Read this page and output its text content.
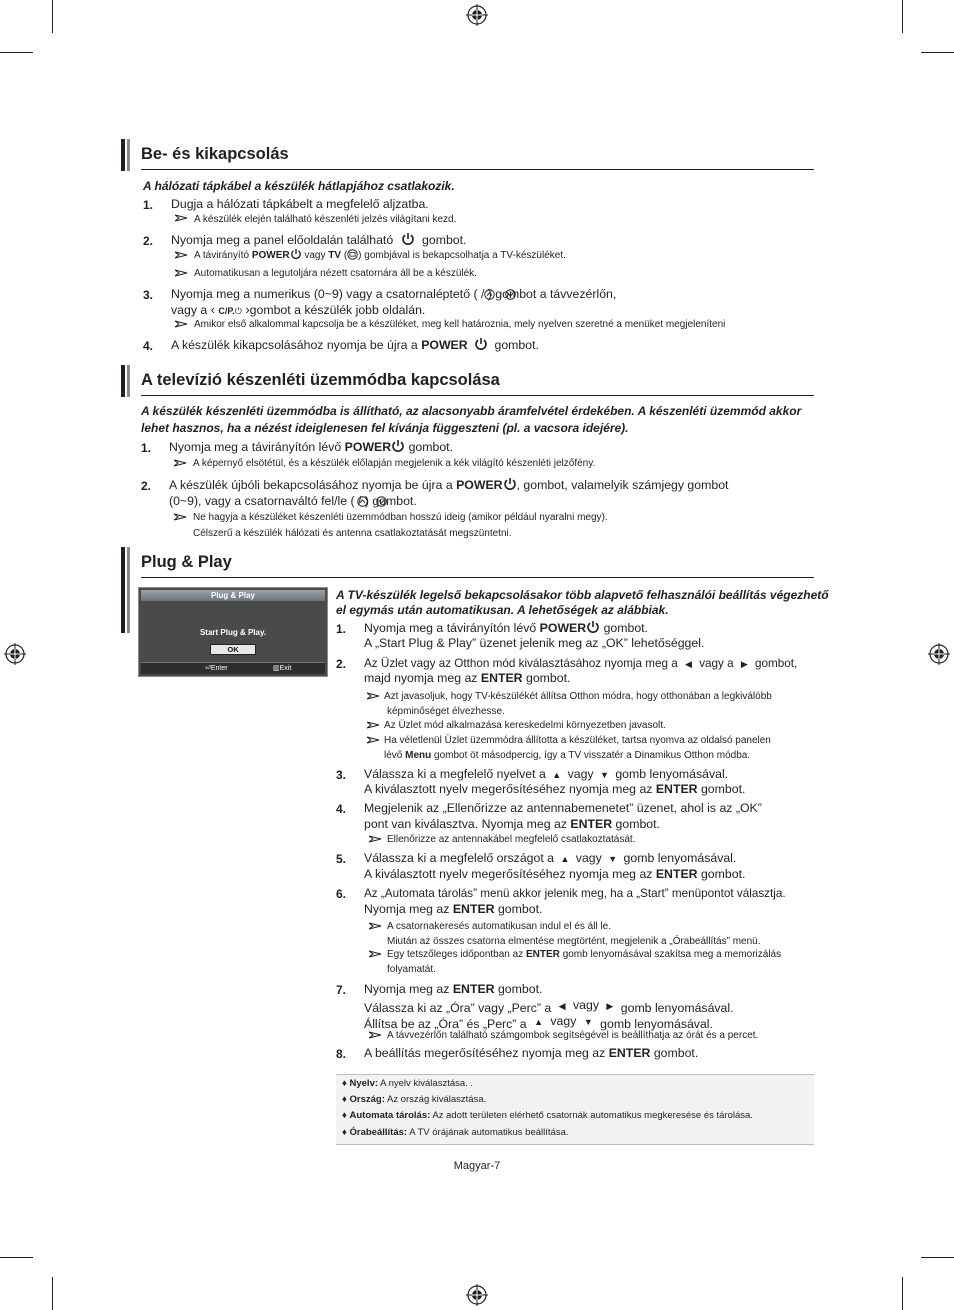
Be- és kikapcsolás
A hálózati tápkábel a készülék hátlapjához csatlakozik.
1. Dugja a hálózati tápkábelt a megfelelő aljzatba.
A készülék elején található készenléti jelzés világítani kezd.
2. Nyomja meg a panel előoldalán található gombot.
A távirányító POWER vagy TV ( ) gombjával is bekapcsolhatja a TV-készüléket.
Automatikusan a legutoljára nézett csatornára áll be a készülék.
3. Nyomja meg a numerikus (0~9) vagy a csatornaléptető ( / ) gombot a távvezérlőn,
vagy a ‹ C/P.⏻ ›gombot a készülék jobb oldalán.
Amikor első alkalommal kapcsolja be a készüléket, meg kell határoznia, mely nyelven szeretné a menüket megjeleníteni
4. A készülék kikapcsolásához nyomja be újra a POWER gombot.
A televízió készenléti üzemmódba kapcsolása
A készülék készenléti üzemmódba is állítható, az alacsonyabb áramfelvétel érdekében. A készenléti üzemmód akkor
lehet hasznos, ha a nézést ideiglenesen fel kívánja függeszteni (pl. a vacsora idejére).
1. Nyomja meg a távirányítón lévő POWER gombot.
A képernyő elsötétül, és a készülék előlapján megjelenik a kék világító készenléti jelzőfény.
2. A készülék újbóli bekapcsolásához nyomja be újra a POWER , gombot, valamelyik számjegy gombot
(0~9), vagy a csatornaváltó fel/le ( / ) gombot.
Ne hagyja a készüléket készenléti üzemmódban hosszú ideig (amikor például nyaralni megy).
Célszerű a készülék hálózati és antenna csatlakoztatását megszüntetni.
Plug & Play
Plug & Play
Start Plug & Play.
OK
⏎Enter	▥Exit
A TV-készülék legelső bekapcsolásakor több alapvető felhasználói beállítás végezhető
el egymás után automatikusan. A lehetőségek az alábbiak.
1. Nyomja meg a távirányítón lévő POWER gombot.
A „Start Plug & Play” üzenet jelenik meg az „OK” lehetőséggel.
2. Az Üzlet vagy az Otthon mód kiválasztásához nyomja meg a ◀ vagy a ▶ gombot,
majd nyomja meg az ENTER gombot.
Azt javasoljuk, hogy TV-készülékét állítsa Otthon módra, hogy otthonában a legkiválóbb
képminőséget élvezhesse.
Az Üzlet mód alkalmazása kereskedelmi környezetben javasolt.
Ha véletlenül Üzlet üzemmódra állította a készüléket, tartsa nyomva az oldalsó panelen
lévő Menu gombot öt másodpercig, így a TV visszatér a Dinamikus Otthon módba.
3. Válassza ki a megfelelő nyelvet a ▲ vagy ▼ gomb lenyomásával.
A kiválasztott nyelv megerősítéséhez nyomja meg az ENTER gombot.
4. Megjelenik az „Ellenőrizze az antennabemenetet” üzenet, ahol is az „OK”
pont van kiválasztva. Nyomja meg az ENTER gombot.
Ellenőrizze az antennakábel megfelelő csatlakoztatását.
5. Válassza ki a megfelelő országot a ▲ vagy ▼ gomb lenyomásával.
A kiválasztott nyelv megerősítéséhez nyomja meg az ENTER gombot.
6. Az „Automata tárolás” menü akkor jelenik meg, ha a „Start” menüpontot választja.
Nyomja meg az ENTER gombot.
A csatornakeresés automatikusan indul el és áll le.
Miután az összes csatorna elmentése megtörtént, megjelenik a „Órabeállítás” menü.
Egy tetszőleges időpontban az ENTER gomb lenyomásával szakítsa meg a memorizálás
folyamatát.
7. Nyomja meg az ENTER gombot.
Válassza ki az „Óra” vagy „Perc” a ◀ vagy ▶ gomb lenyomásával.
Állítsa be az „Óra” és „Perc” a ▲ vagy ▼ gomb lenyomásával.
A távvezérlőn található számgombok segítségével is beállíthatja az órát és a percet.
8. A beállítás megerősítéséhez nyomja meg az ENTER gombot.
♦ Nyelv: A nyelv kiválasztása. .
♦ Ország: Az ország kiválasztása.
♦ Automata tárolás: Az adott területen elérhető csatornák automatikus megkeresése és tárolása.
♦ Órabeállítás: A TV órájának automatikus beállítása.
Magyar-7
